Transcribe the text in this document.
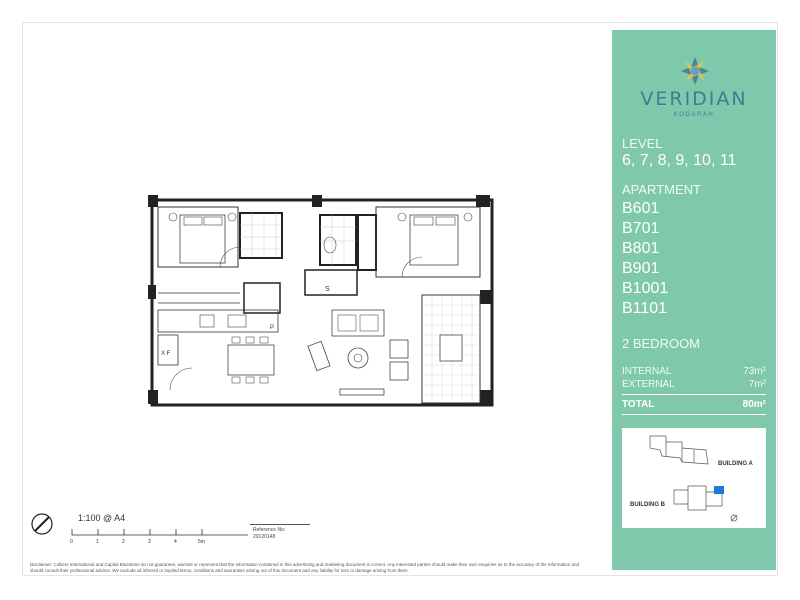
S
P
X F
1:100 @ A4
0	1	2	3	4	5m
Reference No:
20120148
Disclaimer: Colliers International and Capital Bluestone do not guarantee, warrant or represent that the information contained in this advertising and marketing document is correct. Any interested parties should make their own enquiries as to the accuracy of the information and should consult their professional advisor. We exclude all inferred or implied terms, conditions and warranties arising out of this document and any liability for loss or damage arising from them.
VERIDIAN
KOGARAH
LEVEL
6, 7, 8, 9, 10, 11
APARTMENT
B601
B701
B801
B901
B1001
B1101
2 BEDROOM
INTERNAL	73m²
EXTERNAL	7m²
TOTAL	80m²
BUILDING A
BUILDING B
